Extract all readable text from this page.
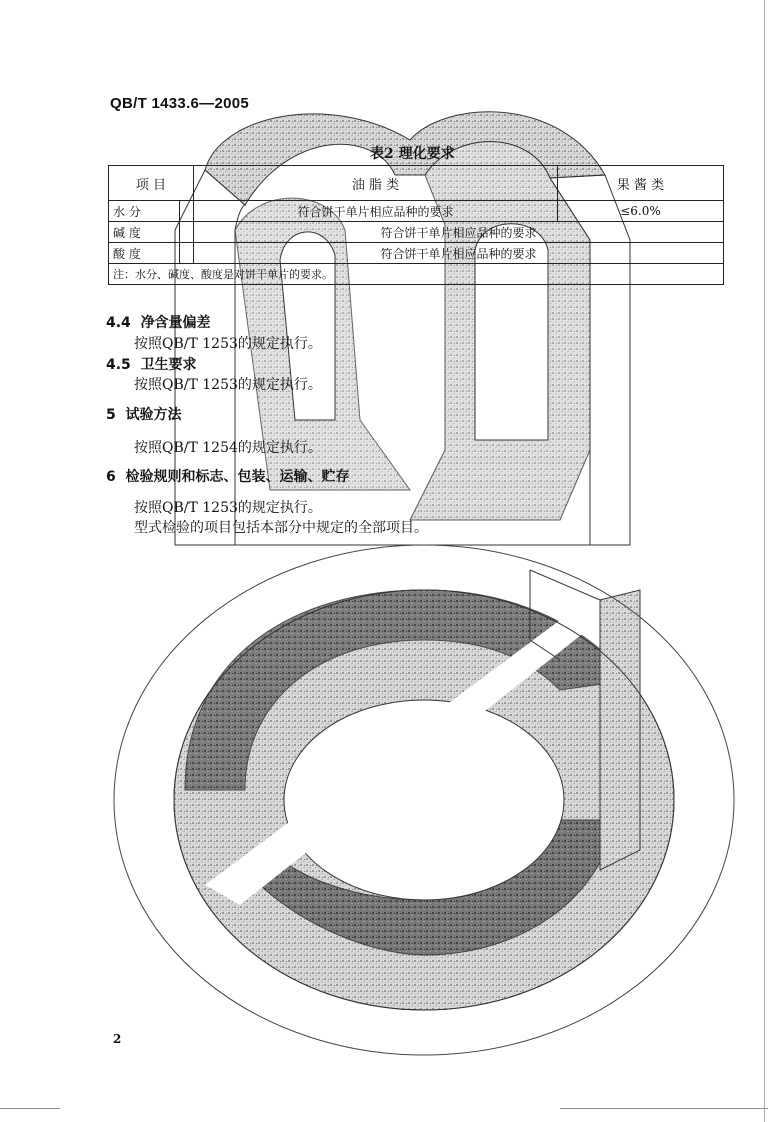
QB/T 1433.6—2005
表2 理化要求
项 目		油 脂 类	果 酱 类
水 分		符合饼干单片相应品种的要求	≤6.0%
碱 度		符合饼干单片相应品种的要求	
酸 度		符合饼干单片相应品种的要求	
注：水分、碱度、酸度是对饼干单片的要求。			
4.4 净含量偏差
按照QB/T 1253的规定执行。
4.5 卫生要求
按照QB/T 1253的规定执行。
5 试验方法
按照QB/T 1254的规定执行。
6 检验规则和标志、包装、运输、贮存
按照QB/T 1253的规定执行。
型式检验的项目包括本部分中规定的全部项目。
2
